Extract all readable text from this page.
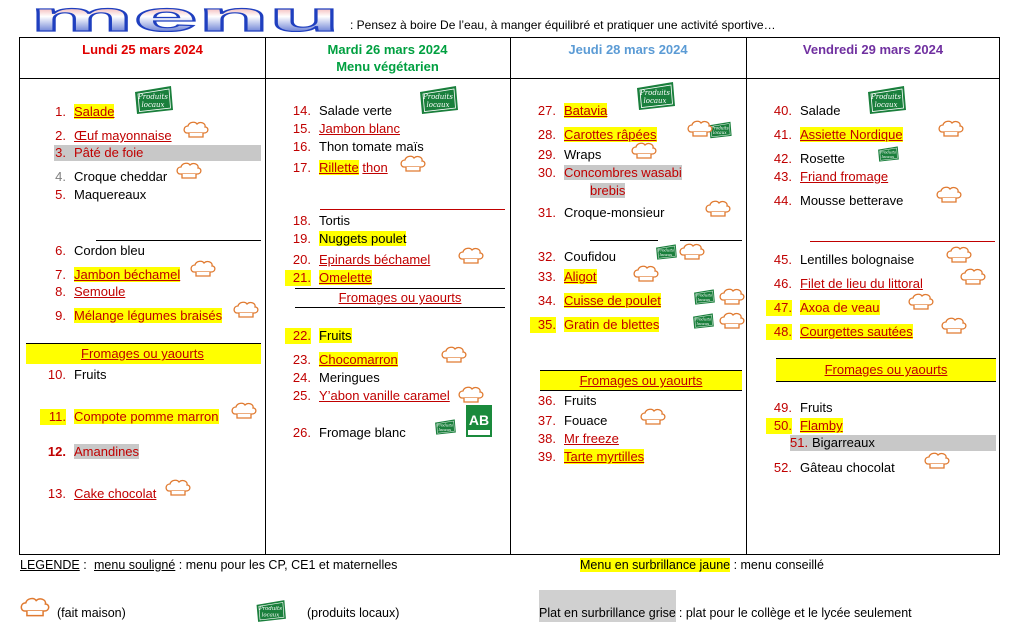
menu : Pensez à boire De l’eau, à manger équilibré et pratiquer une activité sportive…
Lundi 25 mars 2024	Mardi 26 mars 2024
Menu végétarien
Jeudi 28 mars 2024	Vendredi 29 mars 2024
1. Salade
2. Œuf mayonnaise
3. Pâté de foie
4. Croque cheddar
5. Maquereaux
6. Cordon bleu
7. Jambon béchamel
8. Semoule
9. Mélange légumes braisés
Fromages ou yaourts
10. Fruits
11. Compote pomme marron
12. Amandines
13. Cake chocolat
14. Salade verte
15. Jambon blanc
16. Thon tomate maïs
17. Rillette thon
18. Tortis
19. Nuggets poulet
20. Epinards béchamel
21. Omelette
Fromages ou yaourts
22. Fruits
23. Chocomarron
24. Meringues
25. Y’abon vanille caramel
26. Fromage blanc
27. Batavia
28. Carottes râpées
29. Wraps
30. Concombres wasabi
brebis
31. Croque-monsieur
32. Coufidou
33. Aligot
34. Cuisse de poulet
35. Gratin de blettes
Fromages ou yaourts
36. Fruits
37. Fouace
38. Mr freeze
39. Tarte myrtilles
40. Salade
41. Assiette Nordique
42. Rosette
43. Friand fromage
44. Mousse betterave
45. Lentilles bolognaise
46. Filet de lieu du littoral
47. Axoa de veau
48. Courgettes sautées
Fromages ou yaourts
49. Fruits
50. Flamby
51. Bigarreaux
52. Gâteau chocolat
AB
LEGENDE : menu souligné : menu pour les CP, CE1 et maternelles	Menu en surbrillance jaune : menu conseillé
(fait maison)	(produits locaux)	Plat en surbrillance grise : plat pour le collège et le lycée seulement
